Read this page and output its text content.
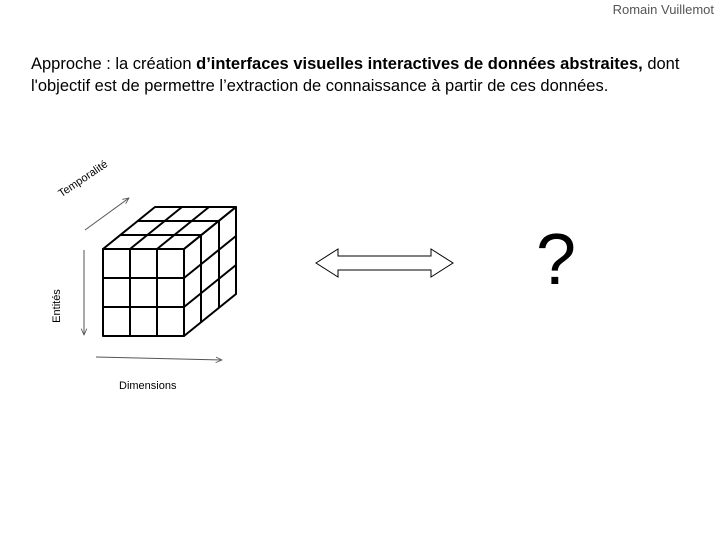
Romain Vuillemot
Approche : la création d’interfaces visuelles interactives de données abstraites, dont l'objectif est de permettre l’extraction de connaissance à partir de ces données.
Temporalité
Entités
Dimensions
?
